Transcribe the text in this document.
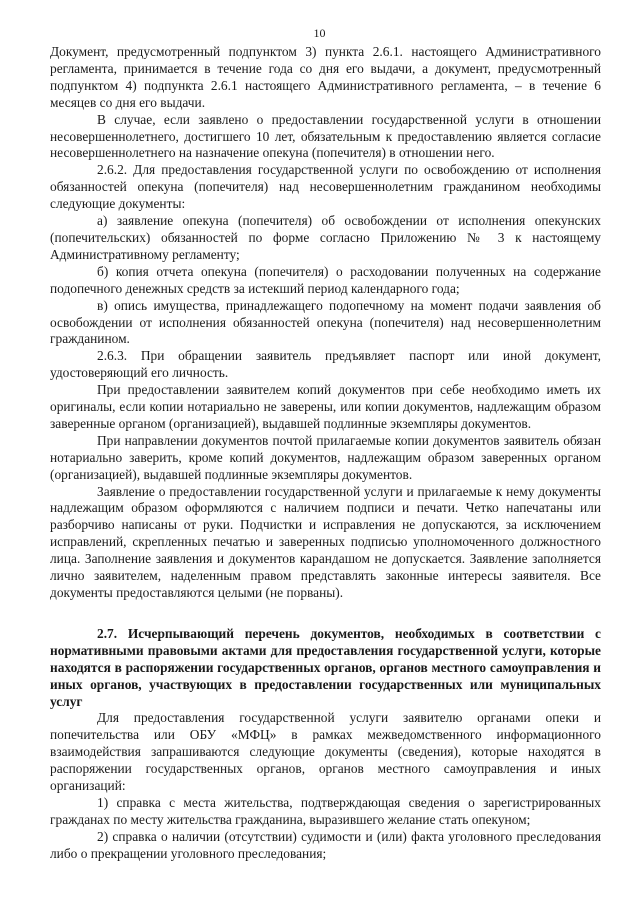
10

Документ, предусмотренный подпунктом 3) пункта 2.6.1. настоящего Административного регламента, принимается в течение года со дня его выдачи, а документ, предусмотренный подпунктом 4) подпункта 2.6.1 настоящего Административного регламента, – в течение 6 месяцев со дня его выдачи.

В случае, если заявлено о предоставлении государственной услуги в отношении несовершеннолетнего, достигшего 10 лет, обязательным к предоставлению является согласие несовершеннолетнего на назначение опекуна (попечителя) в отношении него.

2.6.2. Для предоставления государственной услуги по освобождению от исполнения обязанностей опекуна (попечителя) над несовершеннолетним гражданином необходимы следующие документы:

а) заявление опекуна (попечителя) об освобождении от исполнения опекунских (попечительских) обязанностей по форме согласно Приложению № 3 к настоящему Административному регламенту;

б) копия отчета опекуна (попечителя) о расходовании полученных на содержание подопечного денежных средств за истекший период календарного года;

в) опись имущества, принадлежащего подопечному на момент подачи заявления об освобождении от исполнения обязанностей опекуна (попечителя) над несовершеннолетним гражданином.

2.6.3. При обращении заявитель предъявляет паспорт или иной документ, удостоверяющий его личность.

При предоставлении заявителем копий документов при себе необходимо иметь их оригиналы, если копии нотариально не заверены, или копии документов, надлежащим образом заверенные органом (организацией), выдавшей подлинные экземпляры документов.

При направлении документов почтой прилагаемые копии документов заявитель обязан нотариально заверить, кроме копий документов, надлежащим образом заверенных органом (организацией), выдавшей подлинные экземпляры документов.

Заявление о предоставлении государственной услуги и прилагаемые к нему документы надлежащим образом оформляются с наличием подписи и печати. Четко напечатаны или разборчиво написаны от руки. Подчистки и исправления не допускаются, за исключением исправлений, скрепленных печатью и заверенных подписью уполномоченного должностного лица. Заполнение заявления и документов карандашом не допускается. Заявление заполняется лично заявителем, наделенным правом представлять законные интересы заявителя. Все документы предоставляются целыми (не порваны).

2.7. Исчерпывающий перечень документов, необходимых в соответствии с нормативными правовыми актами для предоставления государственной услуги, которые находятся в распоряжении государственных органов, органов местного самоуправления и иных органов, участвующих в предоставлении государственных или муниципальных услуг

Для предоставления государственной услуги заявителю органами опеки и попечительства или ОБУ «МФЦ» в рамках межведомственного информационного взаимодействия запрашиваются следующие документы (сведения), которые находятся в распоряжении государственных органов, органов местного самоуправления и иных организаций:

1) справка с места жительства, подтверждающая сведения о зарегистрированных гражданах по месту жительства гражданина, выразившего желание стать опекуном;

2) справка о наличии (отсутствии) судимости и (или) факта уголовного преследования либо о прекращении уголовного преследования;
